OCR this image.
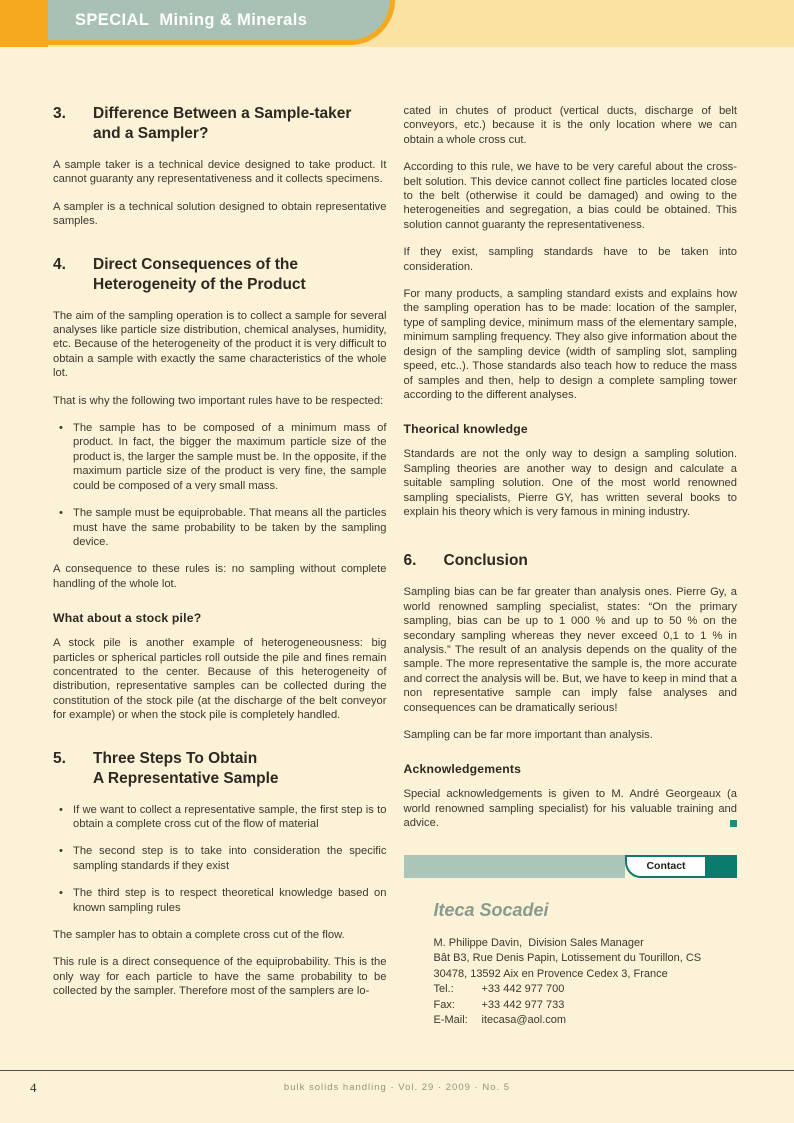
SPECIAL Mining & Minerals
3.	Difference Between a Sample-taker
and a Sampler?

A sample taker is a technical device designed to take product. It cannot guaranty any representativeness and it collects specimens.

A sampler is a technical solution designed to obtain representative samples.

4.	Direct Consequences of the
Heterogeneity of the Product

The aim of the sampling operation is to collect a sample for several analyses like particle size distribution, chemical analyses, humidity, etc. Because of the heterogeneity of the product it is very difficult to obtain a sample with exactly the same characteristics of the whole lot.

That is why the following two important rules have to be respected:

• The sample has to be composed of a minimum mass of product. In fact, the bigger the maximum particle size of the product is, the larger the sample must be. In the opposite, if the maximum particle size of the product is very fine, the sample could be composed of a very small mass.
• The sample must be equiprobable. That means all the particles must have the same probability to be taken by the sampling device.

A consequence to these rules is: no sampling without complete handling of the whole lot.

What about a stock pile?

A stock pile is another example of heterogeneousness: big particles or spherical particles roll outside the pile and fines remain concentrated to the center. Because of this heterogeneity of distribution, representative samples can be collected during the constitution of the stock pile (at the discharge of the belt conveyor for example) or when the stock pile is completely handled.

5.	Three Steps To Obtain
A Representative Sample
• If we want to collect a representative sample, the first step is to obtain a complete cross cut of the flow of material
• The second step is to take into consideration the specific sampling standards if they exist
• The third step is to respect theoretical knowledge based on known sampling rules

The sampler has to obtain a complete cross cut of the flow.

This rule is a direct consequence of the equiprobability. This is the only way for each particle to have the same probability to be collected by the sampler. Therefore most of the samplers are lo-

cated in chutes of product (vertical ducts, discharge of belt conveyors, etc.) because it is the only location where we can obtain a whole cross cut.

According to this rule, we have to be very careful about the cross-belt solution. This device cannot collect fine particles located close to the belt (otherwise it could be damaged) and owing to the heterogeneities and segregation, a bias could be obtained. This solution cannot guaranty the representativeness.

If they exist, sampling standards have to be taken into consideration.

For many products, a sampling standard exists and explains how the sampling operation has to be made: location of the sampler, type of sampling device, minimum mass of the elementary sample, minimum sampling frequency. They also give information about the design of the sampling device (width of sampling slot, sampling speed, etc..). Those standards also teach how to reduce the mass of samples and then, help to design a complete sampling tower according to the different analyses.

Theorical knowledge

Standards are not the only way to design a sampling solution. Sampling theories are another way to design and calculate a suitable sampling solution. One of the most world renowned sampling specialists, Pierre GY, has written several books to explain his theory which is very famous in mining industry.

6.	Conclusion

Sampling bias can be far greater than analysis ones. Pierre Gy, a world renowned sampling specialist, states: “On the primary sampling, bias can be up to 1 000 % and up to 50 % on the secondary sampling whereas they never exceed 0,1 to 1 % in analysis.” The result of an analysis depends on the quality of the sample. The more representative the sample is, the more accurate and correct the analysis will be. But, we have to keep in mind that a non representative sample can imply false analyses and consequences can be dramatically serious!

Sampling can be far more important than analysis.

Acknowledgements

Special acknowledgements is given to M. André Georgeaux (a world renowned sampling specialist) for his valuable training and advice.

Contact
Iteca Socadei
M. Philippe Davin,  Division Sales Manager
Bât B3, Rue Denis Papin, Lotissement du Tourillon, CS
30478, 13592 Aix en Provence Cedex 3, France
Tel.:	+33 442 977 700
Fax:	+33 442 977 733
E-Mail:	itecasa@aol.com
4	bulk solids handling · Vol. 29 · 2009 · No. 5
